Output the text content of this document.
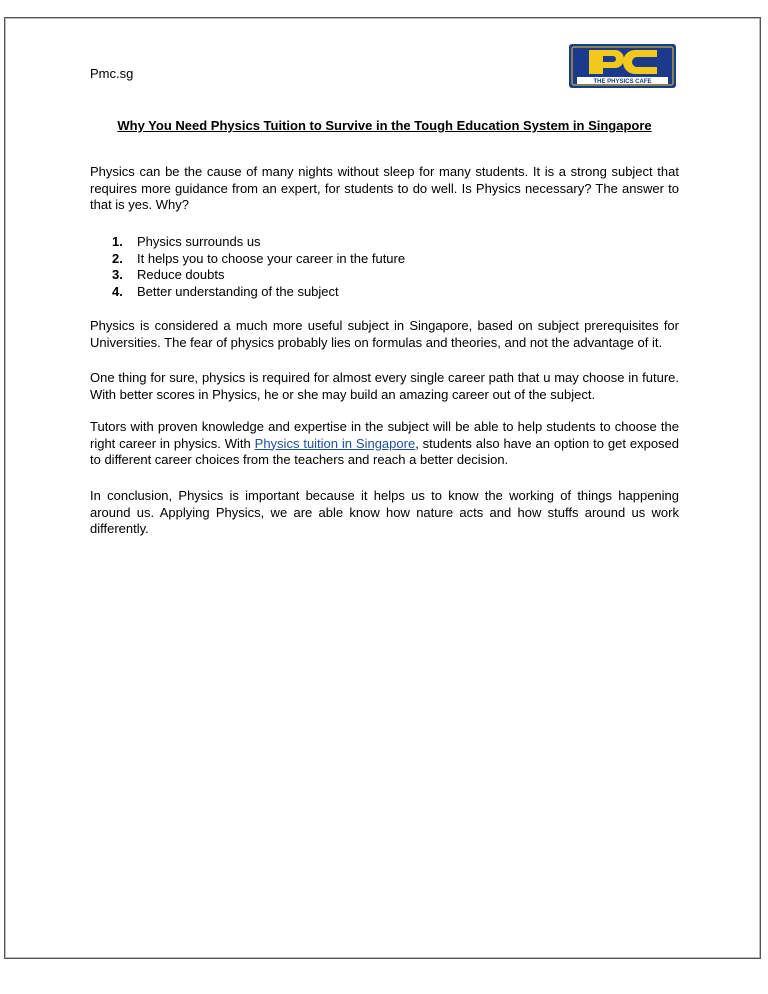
Pmc.sg
THE PHYSICS CAFE
Why You Need Physics Tuition to Survive in the Tough Education System in Singapore
Physics can be the cause of many nights without sleep for many students. It is a strong subject that requires more guidance from an expert, for students to do well. Is Physics necessary? The answer to that is yes. Why?
1. Physics surrounds us
2. It helps you to choose your career in the future
3. Reduce doubts
4. Better understanding of the subject
Physics is considered a much more useful subject in Singapore, based on subject prerequisites for Universities. The fear of physics probably lies on formulas and theories, and not the advantage of it.
One thing for sure, physics is required for almost every single career path that u may choose in future. With better scores in Physics, he or she may build an amazing career out of the subject.
Tutors with proven knowledge and expertise in the subject will be able to help students to choose the right career in physics. With Physics tuition in Singapore, students also have an option to get exposed to different career choices from the teachers and reach a better decision.
In conclusion, Physics is important because it helps us to know the working of things happening around us. Applying Physics, we are able know how nature acts and how stuffs around us work differently.
